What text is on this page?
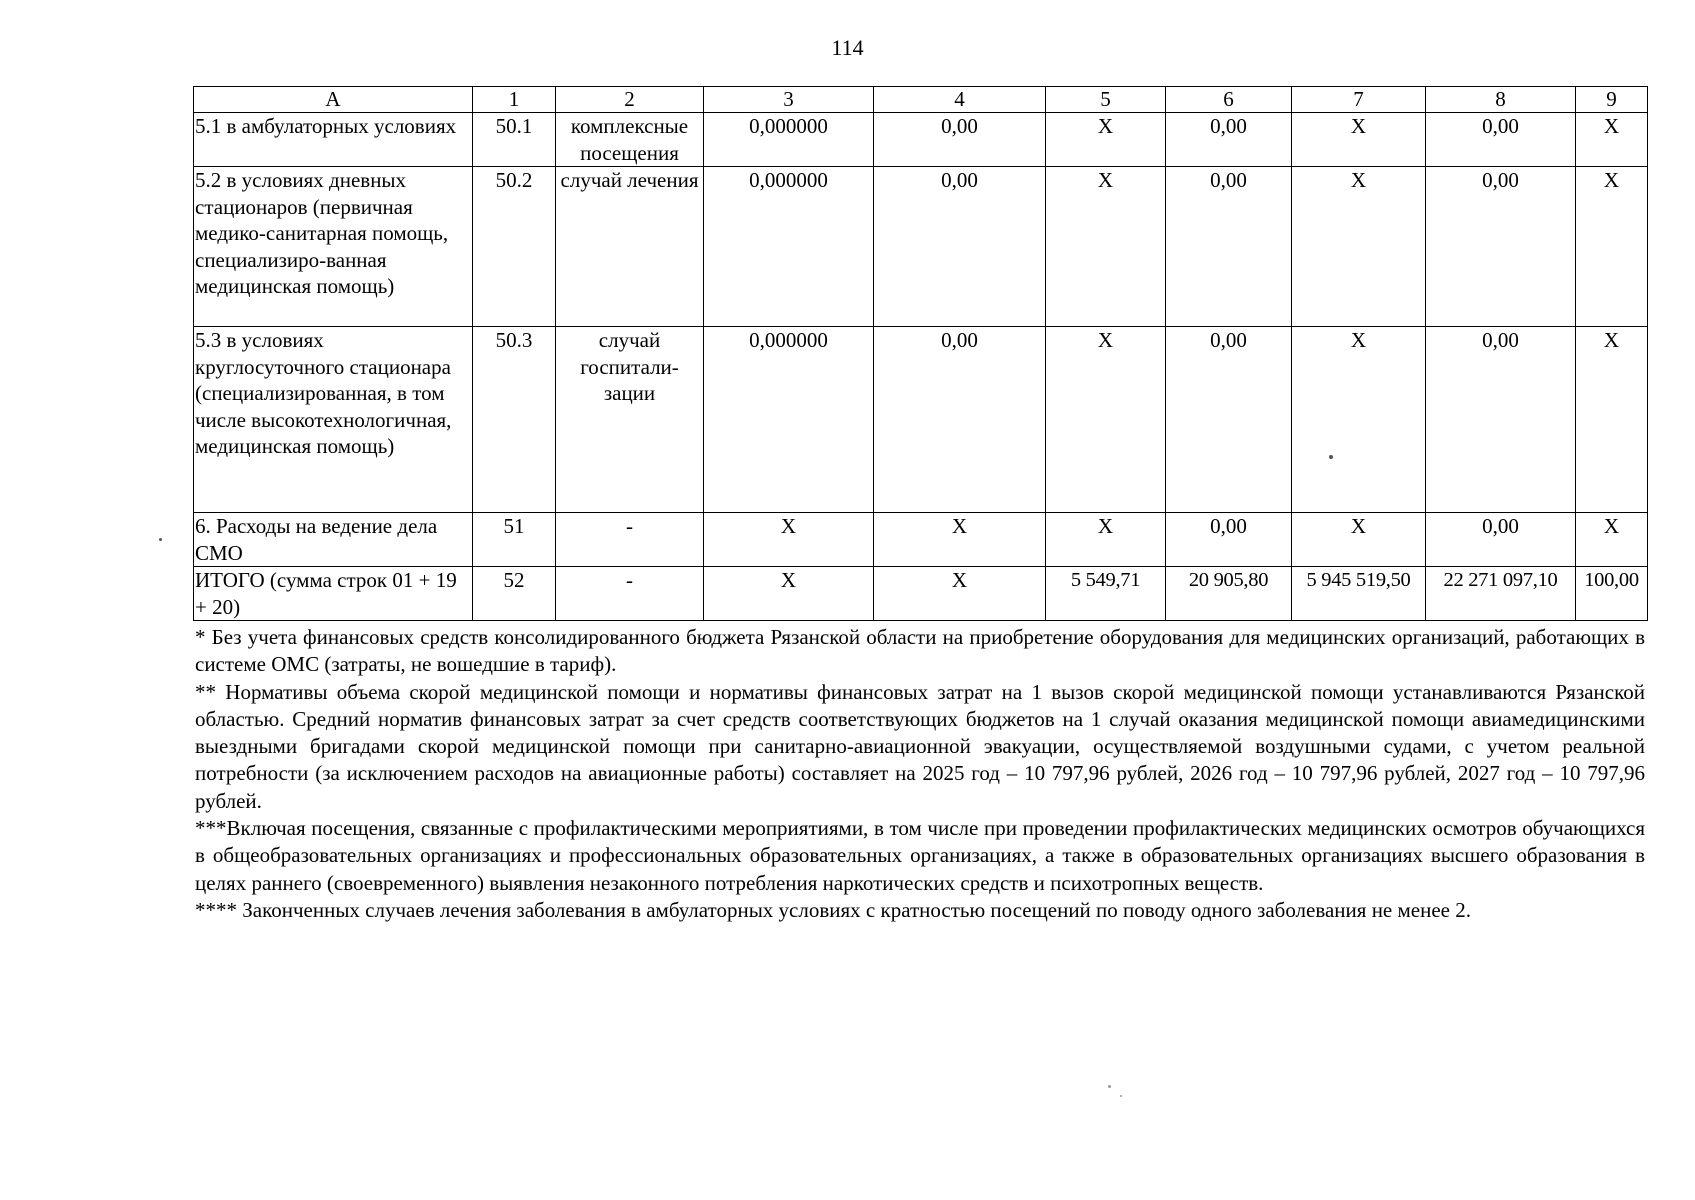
114
А	1	2	3	4	5	6	7	8	9
5.1 в амбулаторных условиях	50.1	комплексные посещения	0,000000	0,00	X	0,00	X	0,00	X
5.2 в условиях дневных стационаров (первичная медико-санитарная помощь, специализиро-ванная медицинская помощь)	50.2	случай лечения	0,000000	0,00	X	0,00	X	0,00	X
5.3 в условиях круглосуточного стационара (специализированная, в том числе высокотехнологичная, медицинская помощь)	50.3	случай госпитали-зации	0,000000	0,00	X	0,00	X	0,00	X
6. Расходы на ведение дела СМО	51	-	X	X	X	0,00	X	0,00	X
ИТОГО (сумма строк 01 + 19 + 20)	52	-	X	X	5 549,71	20 905,80	5 945 519,50	22 271 097,10	100,00

* Без учета финансовых средств консолидированного бюджета Рязанской области на приобретение оборудования для медицинских организаций, работающих в системе ОМС (затраты, не вошедшие в тариф).

** Нормативы объема скорой медицинской помощи и нормативы финансовых затрат на 1 вызов скорой медицинской помощи устанавливаются Рязанской областью. Средний норматив финансовых затрат за счет средств соответствующих бюджетов на 1 случай оказания медицинской помощи авиамедицинскими выездными бригадами скорой медицинской помощи при санитарно-авиационной эвакуации, осуществляемой воздушными судами, с учетом реальной потребности (за исключением расходов на авиационные работы) составляет на 2025 год – 10 797,96 рублей, 2026 год – 10 797,96 рублей, 2027 год – 10 797,96 рублей.

***Включая посещения, связанные с профилактическими мероприятиями, в том числе при проведении профилактических медицинских осмотров обучающихся в общеобразовательных организациях и профессиональных образовательных организациях, а также в образовательных организациях высшего образования в целях раннего (своевременного) выявления незаконного потребления наркотических средств и психотропных веществ.

**** Законченных случаев лечения заболевания в амбулаторных условиях с кратностью посещений по поводу одного заболевания не менее 2.
